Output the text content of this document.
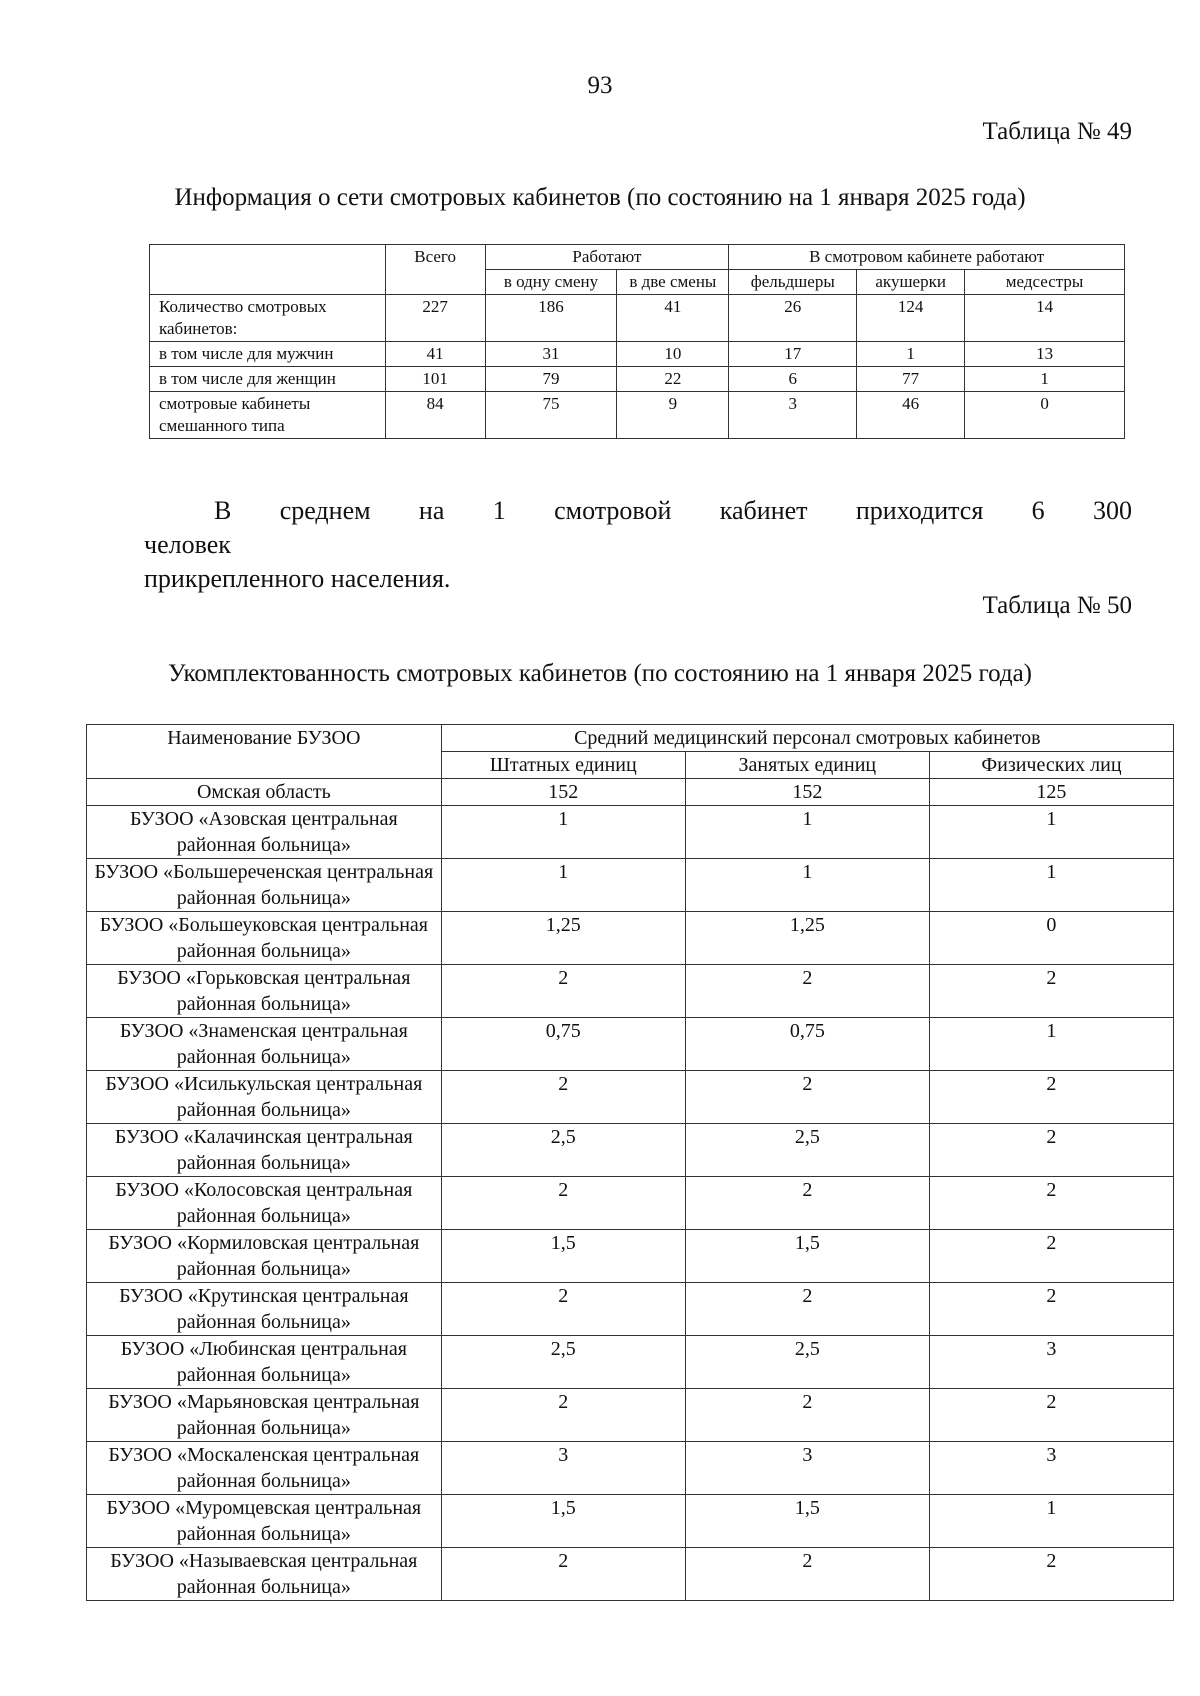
93
Таблица № 49
Информация о сети смотровых кабинетов (по состоянию на 1 января 2025 года)
	Всего	Работают		В смотровом кабинете работают		
		в одну смену	в две смены	фельдшеры	акушерки	медсестры
Количество смотровых кабинетов:	227	186	41	26	124	14
в том числе для мужчин	41	31	10	17	1	13
в том числе для женщин	101	79	22	6	77	1
смотровые кабинеты смешанного типа	84	75	9	3	46	0
В среднем на 1 смотровой кабинет приходится 6 300 человек
прикрепленного населения.
Таблица № 50
Укомплектованность смотровых кабинетов (по состоянию на 1 января 2025 года)
Наименование БУЗОО	Средний медицинский персонал смотровых кабинетов		
	Штатных единиц	Занятых единиц	Физических лиц
Омская область	152	152	125
БУЗОО «Азовская центральная районная больница»	1	1	1
БУЗОО «Большереченская центральная районная больница»	1	1	1
БУЗОО «Большеуковская центральная районная больница»	1,25	1,25	0
БУЗОО «Горьковская центральная районная больница»	2	2	2
БУЗОО «Знаменская центральная районная больница»	0,75	0,75	1
БУЗОО «Исилькульская центральная районная больница»	2	2	2
БУЗОО «Калачинская центральная районная больница»	2,5	2,5	2
БУЗОО «Колосовская центральная районная больница»	2	2	2
БУЗОО «Кормиловская центральная районная больница»	1,5	1,5	2
БУЗОО «Крутинская центральная районная больница»	2	2	2
БУЗОО «Любинская центральная районная больница»	2,5	2,5	3
БУЗОО «Марьяновская центральная районная больница»	2	2	2
БУЗОО «Москаленская центральная районная больница»	3	3	3
БУЗОО «Муромцевская центральная районная больница»	1,5	1,5	1
БУЗОО «Называевская центральная районная больница»	2	2	2
